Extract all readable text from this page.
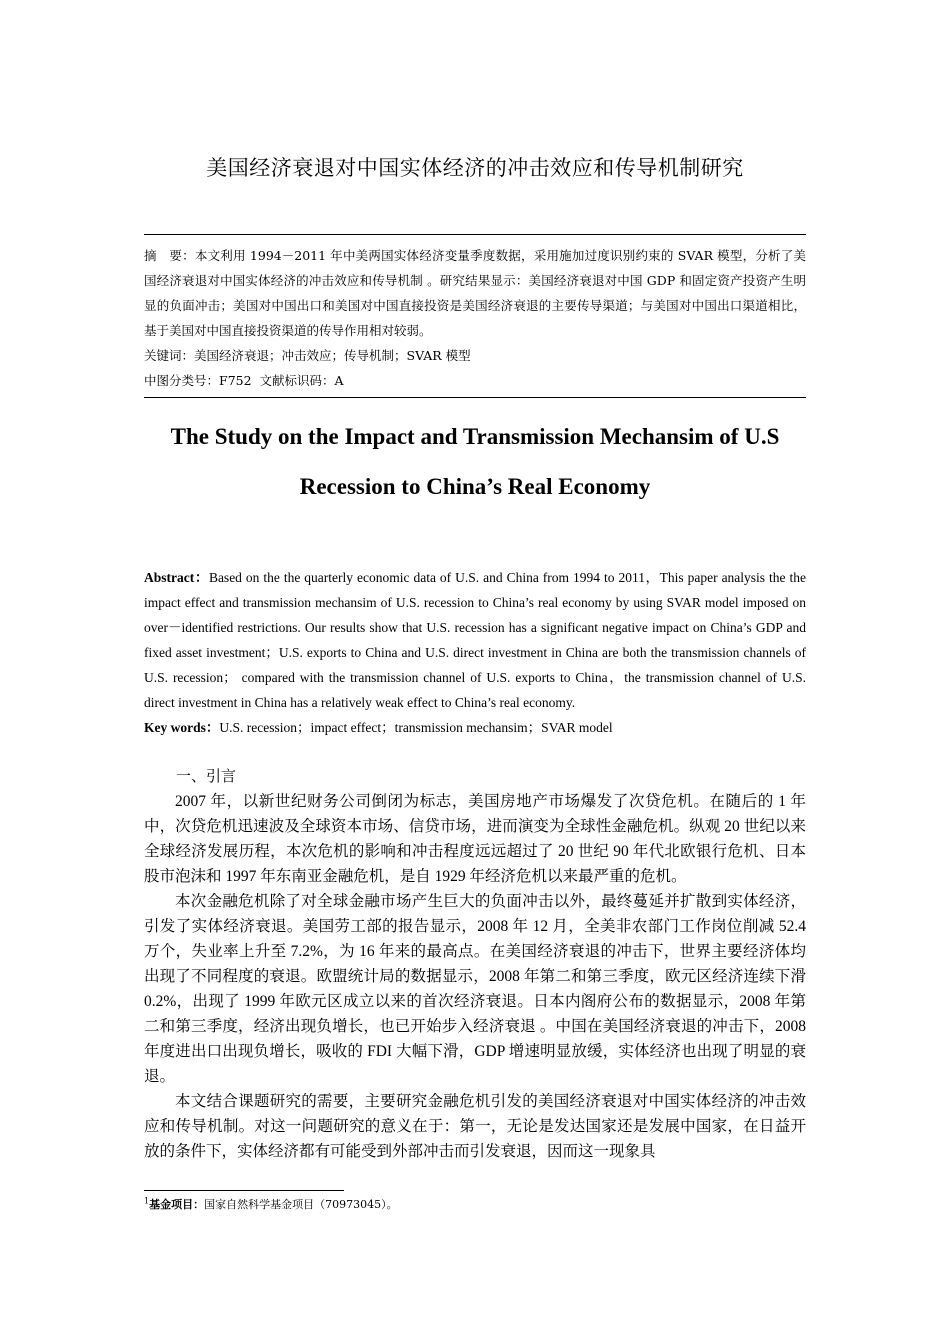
美国经济衰退对中国实体经济的冲击效应和传导机制研究

摘　要：本文利用 1994－2011 年中美两国实体经济变量季度数据，采用施加过度识别约束的 SVAR 模型，分析了美国经济衰退对中国实体经济的冲击效应和传导机制 。研究结果显示：美国经济衰退对中国 GDP 和固定资产投资产生明显的负面冲击；美国对中国出口和美国对中国直接投资是美国经济衰退的主要传导渠道；与美国对中国出口渠道相比，基于美国对中国直接投资渠道的传导作用相对较弱。

关键词：美国经济衰退；冲击效应；传导机制；SVAR 模型

中图分类号：F752 文献标识码：A

The Study on the Impact and Transmission Mechansim of U.S
Recession to China’s Real Economy

Abstract：Based on the the quarterly economic data of U.S. and China from 1994 to 2011，This paper analysis the the impact effect and transmission mechansim of U.S. recession to China’s real economy by using SVAR model imposed on over－identified restrictions. Our results show that U.S. recession has a significant negative impact on China’s GDP and fixed asset investment；U.S. exports to China and U.S. direct investment in China are both the transmission channels of U.S. recession； compared with the transmission channel of U.S. exports to China，the transmission channel of U.S. direct investment in China has a relatively weak effect to China’s real economy.

Key words：U.S. recession；impact effect；transmission mechansim；SVAR model

一、引言

2007 年，以新世纪财务公司倒闭为标志，美国房地产市场爆发了次贷危机。在随后的 1 年中，次贷危机迅速波及全球资本市场、信贷市场，进而演变为全球性金融危机。纵观 20 世纪以来全球经济发展历程，本次危机的影响和冲击程度远远超过了 20 世纪 90 年代北欧银行危机、日本股市泡沫和 1997 年东南亚金融危机，是自 1929 年经济危机以来最严重的危机。

本次金融危机除了对全球金融市场产生巨大的负面冲击以外，最终蔓延并扩散到实体经济，引发了实体经济衰退。美国劳工部的报告显示，2008 年 12 月，全美非农部门工作岗位削减 52.4 万个，失业率上升至 7.2%，为 16 年来的最高点。在美国经济衰退的冲击下，世界主要经济体均出现了不同程度的衰退。欧盟统计局的数据显示，2008 年第二和第三季度，欧元区经济连续下滑 0.2%，出现了 1999 年欧元区成立以来的首次经济衰退。日本内阁府公布的数据显示，2008 年第二和第三季度，经济出现负增长，也已开始步入经济衰退 。中国在美国经济衰退的冲击下，2008 年度进出口出现负增长，吸收的 FDI 大幅下滑，GDP 增速明显放缓，实体经济也出现了明显的衰退。

本文结合课题研究的需要，主要研究金融危机引发的美国经济衰退对中国实体经济的冲击效应和传导机制。对这一问题研究的意义在于：第一，无论是发达国家还是发展中国家，在日益开放的条件下，实体经济都有可能受到外部冲击而引发衰退，因而这一现象具

$^1$基金项目：国家自然科学基金项目（70973045）。
